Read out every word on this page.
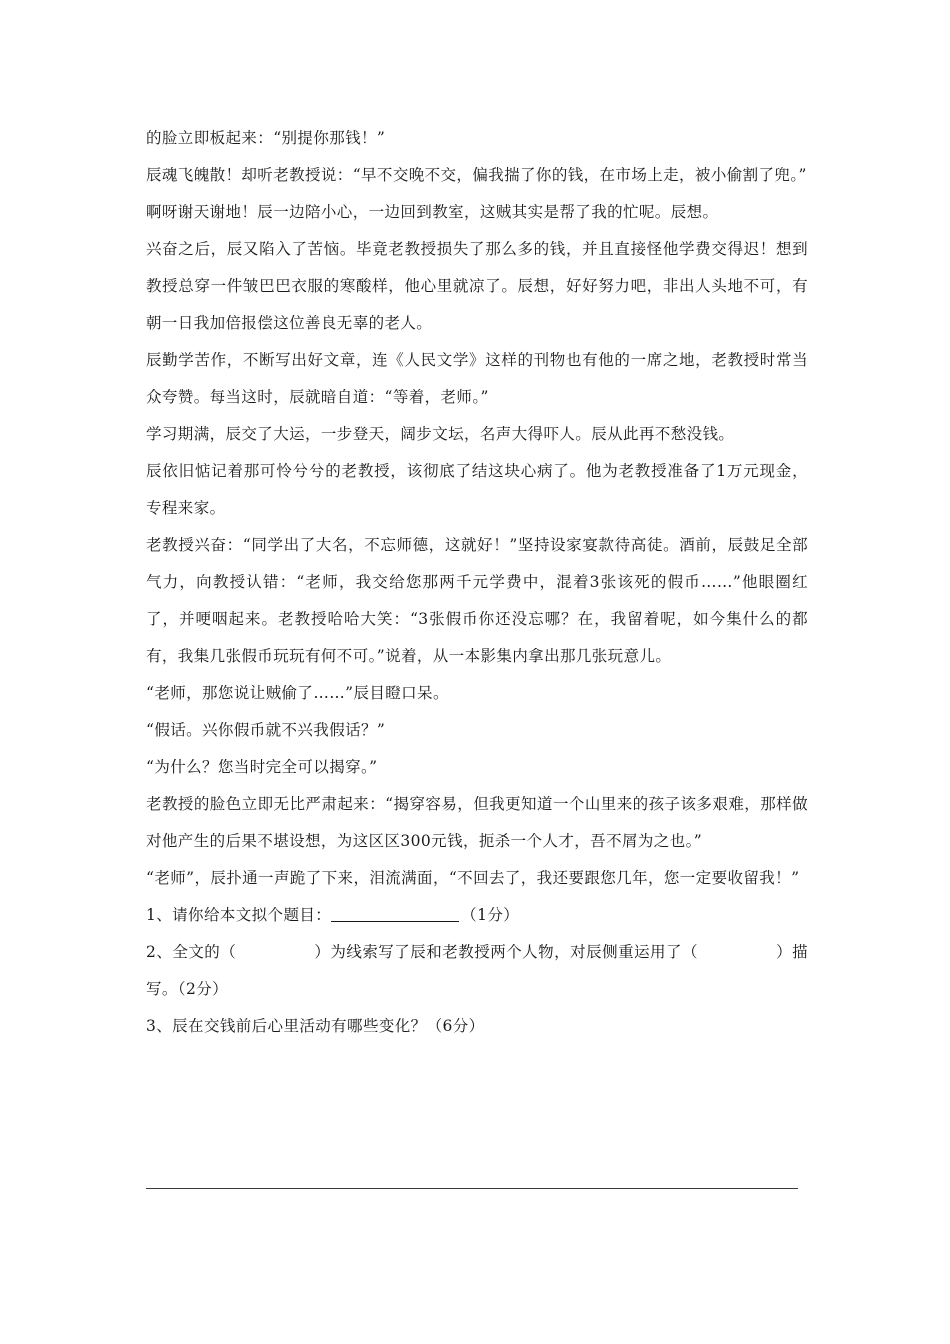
的脸立即板起来：“别提你那钱！”

辰魂飞魄散！却听老教授说：“早不交晚不交，偏我揣了你的钱，在市场上走，被小偷割了兜。”

啊呀谢天谢地！辰一边陪小心，一边回到教室，这贼其实是帮了我的忙呢。辰想。

兴奋之后，辰又陷入了苦恼。毕竟老教授损失了那么多的钱，并且直接怪他学费交得迟！想到教授总穿一件皱巴巴衣服的寒酸样，他心里就凉了。辰想，好好努力吧，非出人头地不可，有朝一日我加倍报偿这位善良无辜的老人。

辰勤学苦作，不断写出好文章，连《人民文学》这样的刊物也有他的一席之地，老教授时常当众夸赞。每当这时，辰就暗自道：“等着，老师。”

学习期满，辰交了大运，一步登天，阔步文坛，名声大得吓人。辰从此再不愁没钱。

辰依旧惦记着那可怜兮兮的老教授，该彻底了结这块心病了。他为老教授准备了1万元现金，专程来家。

老教授兴奋：“同学出了大名，不忘师德，这就好！”坚持设家宴款待高徒。酒前，辰鼓足全部气力，向教授认错：“老师，我交给您那两千元学费中，混着3张该死的假币……”他眼圈红了，并哽咽起来。老教授哈哈大笑：“3张假币你还没忘哪？在，我留着呢，如今集什么的都有，我集几张假币玩玩有何不可。”说着，从一本影集内拿出那几张玩意儿。

“老师，那您说让贼偷了……”辰目瞪口呆。

“假话。兴你假币就不兴我假话？”

“为什么？您当时完全可以揭穿。”

老教授的脸色立即无比严肃起来：“揭穿容易，但我更知道一个山里来的孩子该多艰难，那样做对他产生的后果不堪设想，为这区区300元钱，扼杀一个人才，吾不屑为之也。”

“老师”，辰扑通一声跪了下来，泪流满面，“不回去了，我还要跟您几年，您一定要收留我！”

1、请你给本文拟个题目：	（1分）

2、全文的（	）为线索写了辰和老教授两个人物，对辰侧重运用了（	）描写。（2分）

3、辰在交钱前后心里活动有哪些变化？（6分）
